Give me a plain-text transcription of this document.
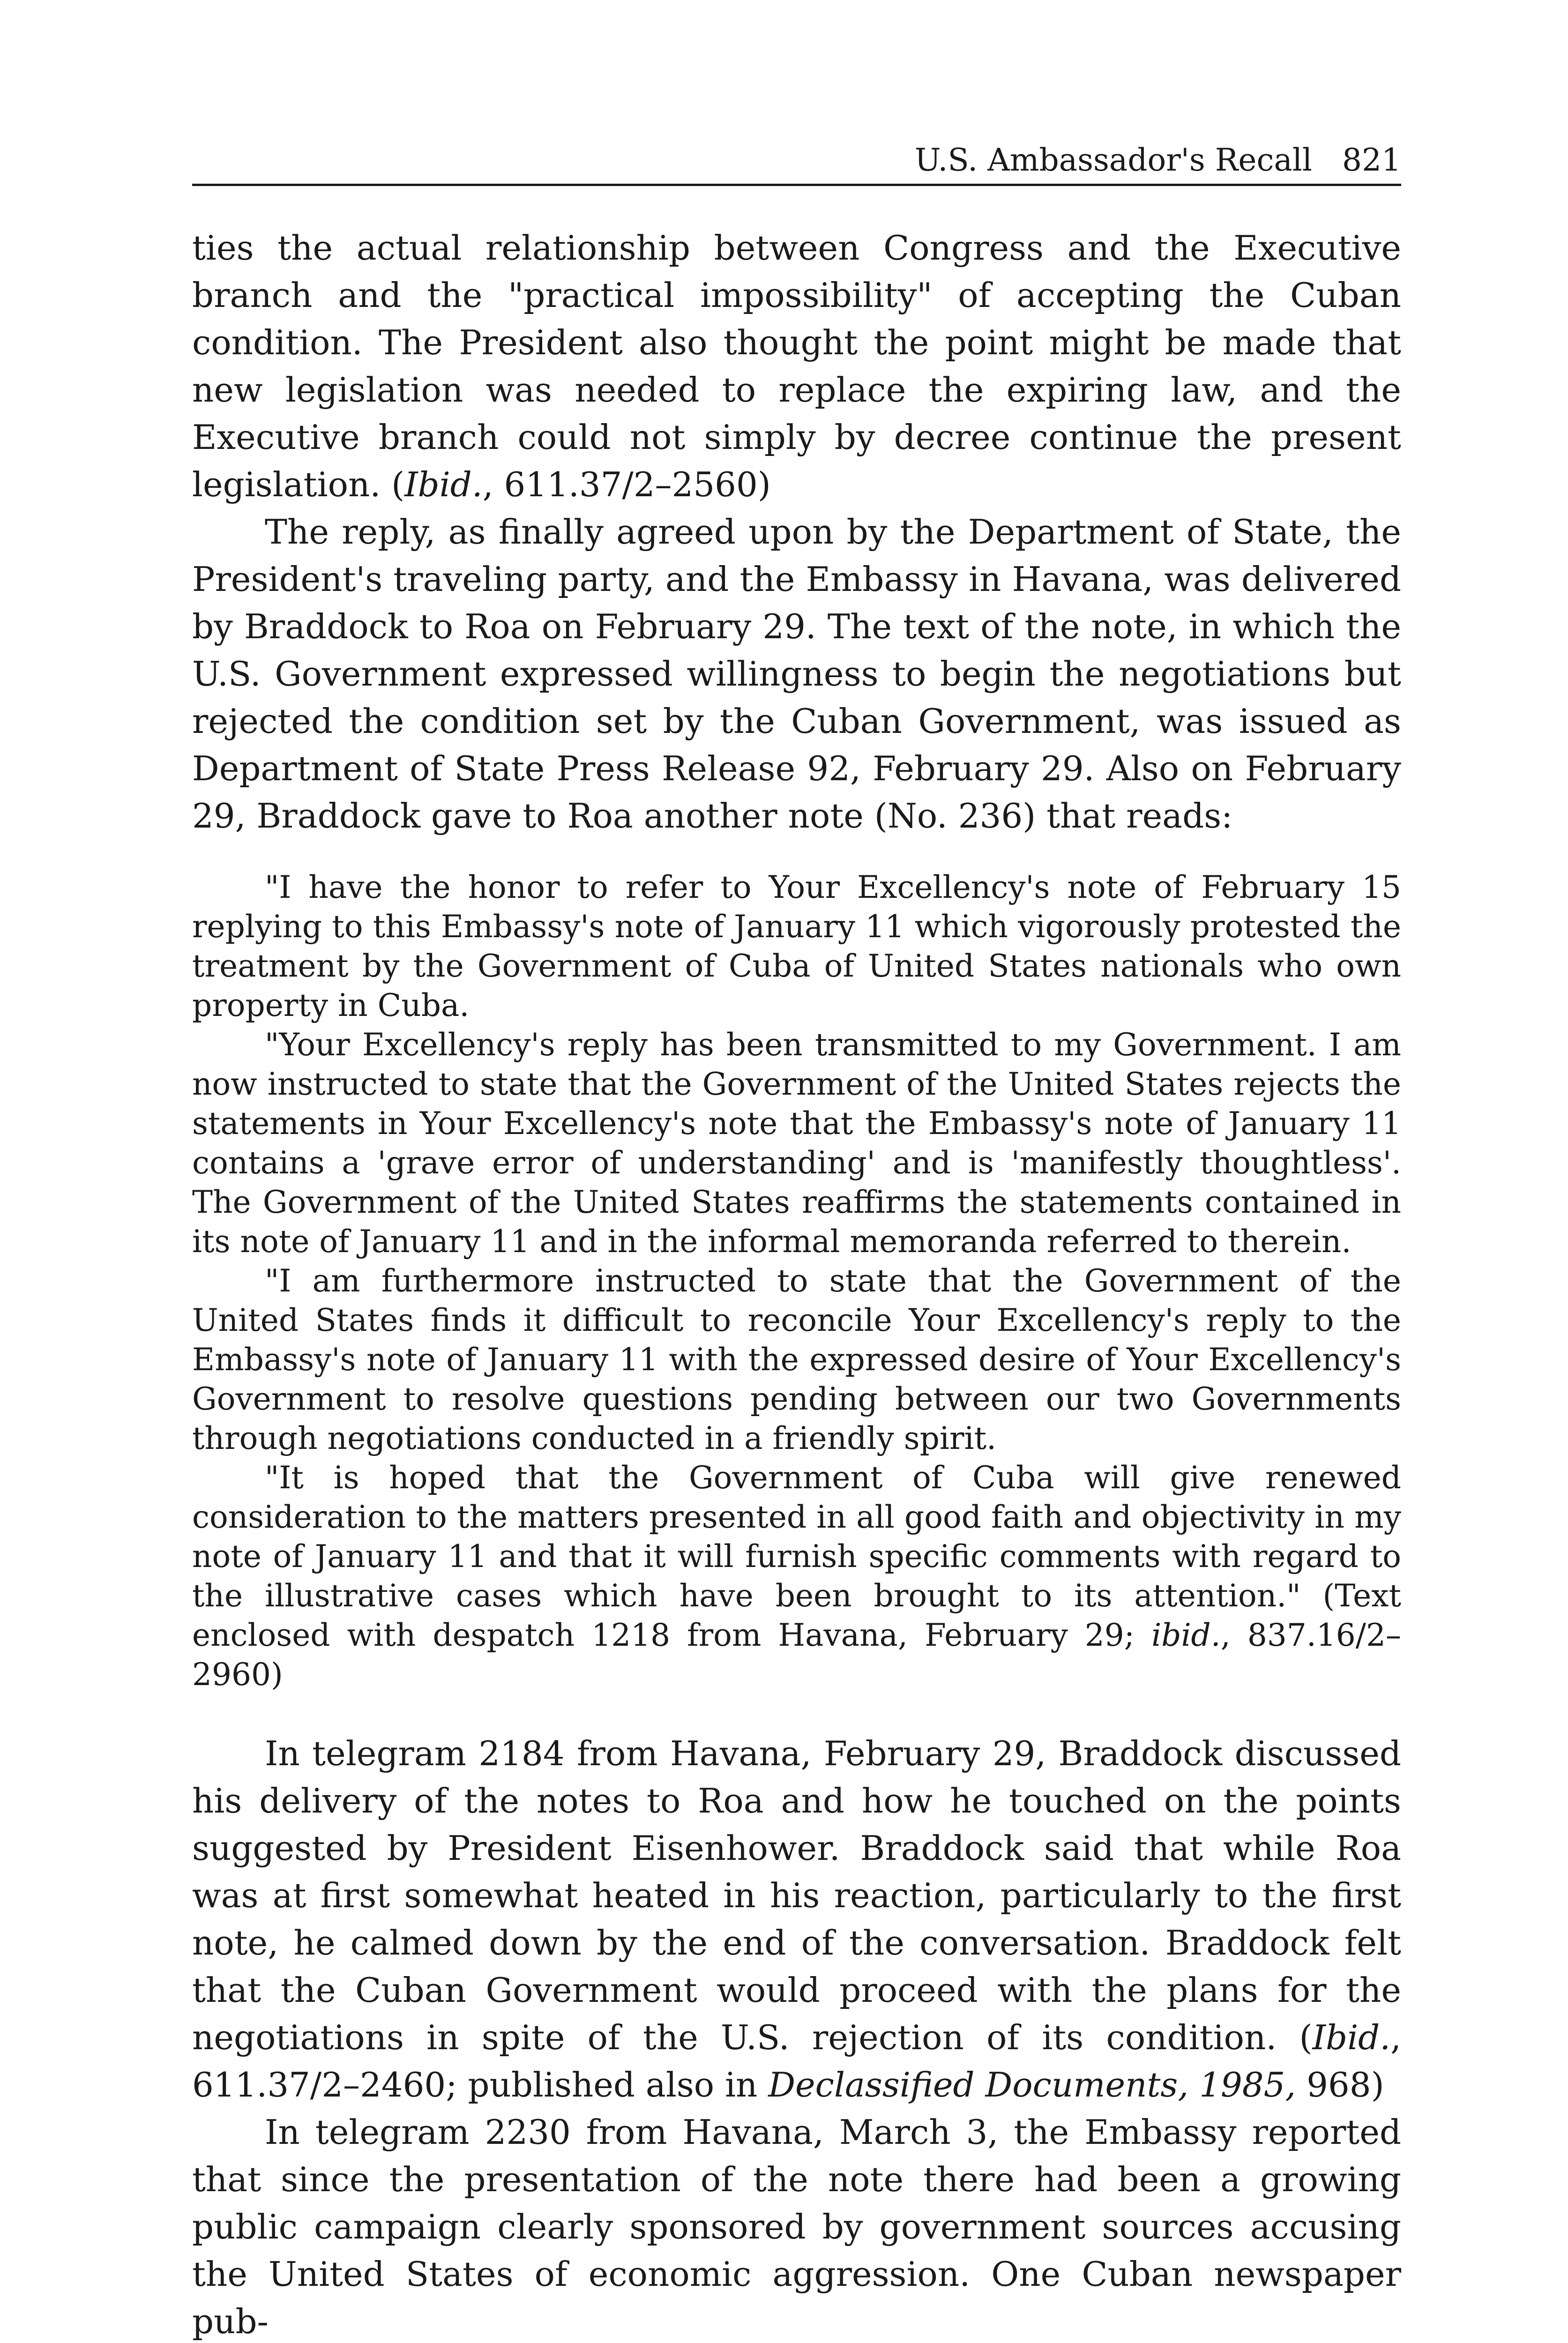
U.S. Ambassador's Recall 821

ties the actual relationship between Congress and the Executive branch and the "practical impossibility" of accepting the Cuban condition. The President also thought the point might be made that new legislation was needed to replace the expiring law, and the Executive branch could not simply by decree continue the present legislation. (Ibid., 611.37/2–2560)

The reply, as finally agreed upon by the Department of State, the President's traveling party, and the Embassy in Havana, was delivered by Braddock to Roa on February 29. The text of the note, in which the U.S. Government expressed willingness to begin the negotiations but rejected the condition set by the Cuban Government, was issued as Department of State Press Release 92, February 29. Also on February 29, Braddock gave to Roa another note (No. 236) that reads:

"I have the honor to refer to Your Excellency's note of February 15 replying to this Embassy's note of January 11 which vigorously protested the treatment by the Government of Cuba of United States nationals who own property in Cuba.

"Your Excellency's reply has been transmitted to my Government. I am now instructed to state that the Government of the United States rejects the statements in Your Excellency's note that the Embassy's note of January 11 contains a 'grave error of understanding' and is 'manifestly thoughtless'. The Government of the United States reaffirms the statements contained in its note of January 11 and in the informal memoranda referred to therein.

"I am furthermore instructed to state that the Government of the United States finds it difficult to reconcile Your Excellency's reply to the Embassy's note of January 11 with the expressed desire of Your Excellency's Government to resolve questions pending between our two Governments through negotiations conducted in a friendly spirit.

"It is hoped that the Government of Cuba will give renewed consideration to the matters presented in all good faith and objectivity in my note of January 11 and that it will furnish specific comments with regard to the illustrative cases which have been brought to its attention." (Text enclosed with despatch 1218 from Havana, February 29; ibid., 837.16/2–2960)

In telegram 2184 from Havana, February 29, Braddock discussed his delivery of the notes to Roa and how he touched on the points suggested by President Eisenhower. Braddock said that while Roa was at first somewhat heated in his reaction, particularly to the first note, he calmed down by the end of the conversation. Braddock felt that the Cuban Government would proceed with the plans for the negotiations in spite of the U.S. rejection of its condition. (Ibid., 611.37/2–2460; published also in Declassified Documents, 1985, 968)

In telegram 2230 from Havana, March 3, the Embassy reported that since the presentation of the note there had been a growing public campaign clearly sponsored by government sources accusing the United States of economic aggression. One Cuban newspaper pub-
